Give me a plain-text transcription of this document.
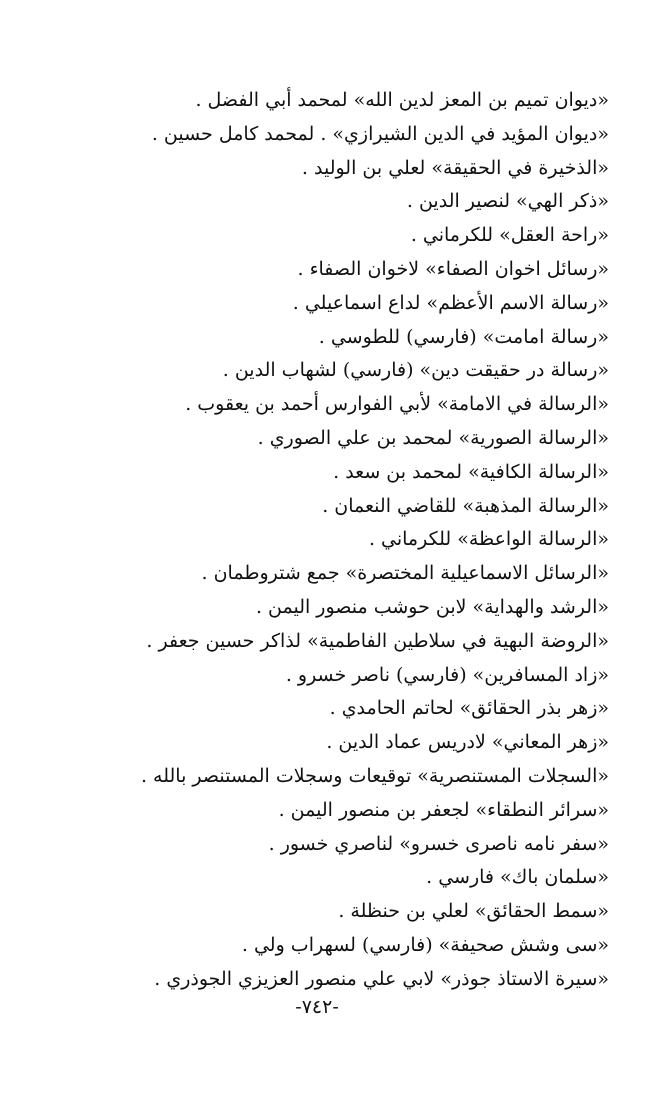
«ديوان تميم بن المعز لدين الله» لمحمد أبي الفضل .
«ديوان المؤيد في الدين الشيرازي» . لمحمد كامل حسين .
«الذخيرة في الحقيقة» لعلي بن الوليد .
«ذكر الهي» لنصير الدين .
«راحة العقل» للكرماني .
«رسائل اخوان الصفاء» لاخوان الصفاء .
«رسالة الاسم الأعظم» لداع اسماعيلي .
«رسالة امامت» (فارسي) للطوسي .
«رسالة در حقيقت دين» (فارسي) لشهاب الدين .
«الرسالة في الامامة» لأبي الفوارس أحمد بن يعقوب .
«الرسالة الصورية» لمحمد بن علي الصوري .
«الرسالة الكافية» لمحمد بن سعد .
«الرسالة المذهبة» للقاضي النعمان .
«الرسالة الواعظة» للكرماني .
«الرسائل الاسماعيلية المختصرة» جمع شتروطمان .
«الرشد والهداية» لابن حوشب منصور اليمن .
«الروضة البهية في سلاطين الفاطمية» لذاكر حسين جعفر .
«زاد المسافرين» (فارسي) ناصر خسرو .
«زهر بذر الحقائق» لحاتم الحامدي .
«زهر المعاني» لادريس عماد الدين .
«السجلات المستنصرية» توقيعات وسجلات المستنصر بالله .
«سرائر النطقاء» لجعفر بن منصور اليمن .
«سفر نامه ناصرى خسرو» لناصري خسور .
«سلمان باك» فارسي .
«سمط الحقائق» لعلي بن حنظلة .
«سى وشش صحيفة» (فارسي) لسهراب ولي .
«سيرة الاستاذ جوذر» لابي علي منصور العزيزي الجوذري .
-٧٤٢-
